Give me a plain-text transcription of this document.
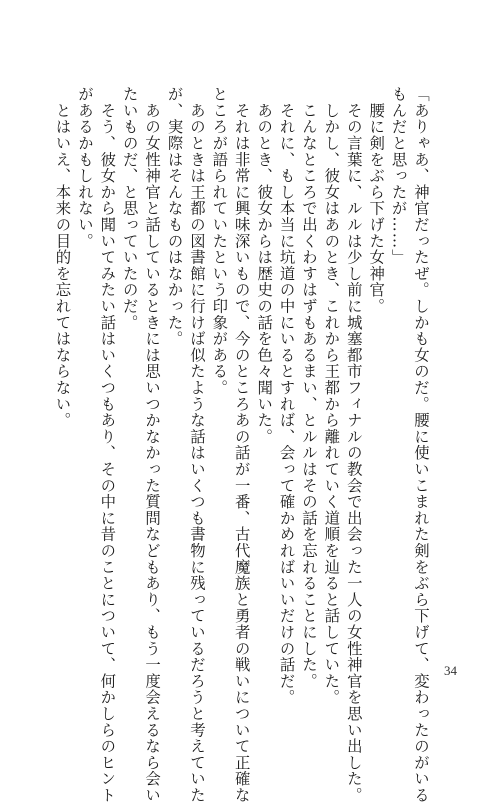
「ありゃあ、神官だったぜ。しかも女のだ。腰に使いこまれた剣をぶら下げて、変わったのがいる
もんだと思ったが……」
　腰に剣をぶら下げた女神官。
　その言葉に、ルルは少し前に城塞都市フィナルの教会で出会った一人の女性神官を思い出した。
　しかし、彼女はあのとき、これから王都から離れていく道順を辿ると話していた。
　こんなところで出くわすはずもあるまい、とルルはその話を忘れることにした。
　それに、もし本当に坑道の中にいるとすれば、会って確かめればいいだけの話だ。
　あのとき、彼女からは歴史の話を色々聞いた。
　それは非常に興味深いもので、今のところあの話が一番、古代魔族と勇者の戦いについて正確な
ところが語られていたという印象がある。
　あのときは王都の図書館に行けば似たような話はいくつも書物に残っているだろうと考えていた
が、実際はそんなものはなかった。
　あの女性神官と話しているときには思いつかなかった質問などもあり、もう一度会えるなら会い
たいものだ、と思っていたのだ。
　そう、彼女から聞いてみたい話はいくつもあり、その中に昔のことについて、何かしらのヒント
があるかもしれない。
　とはいえ、本来の目的を忘れてはならない。
34
